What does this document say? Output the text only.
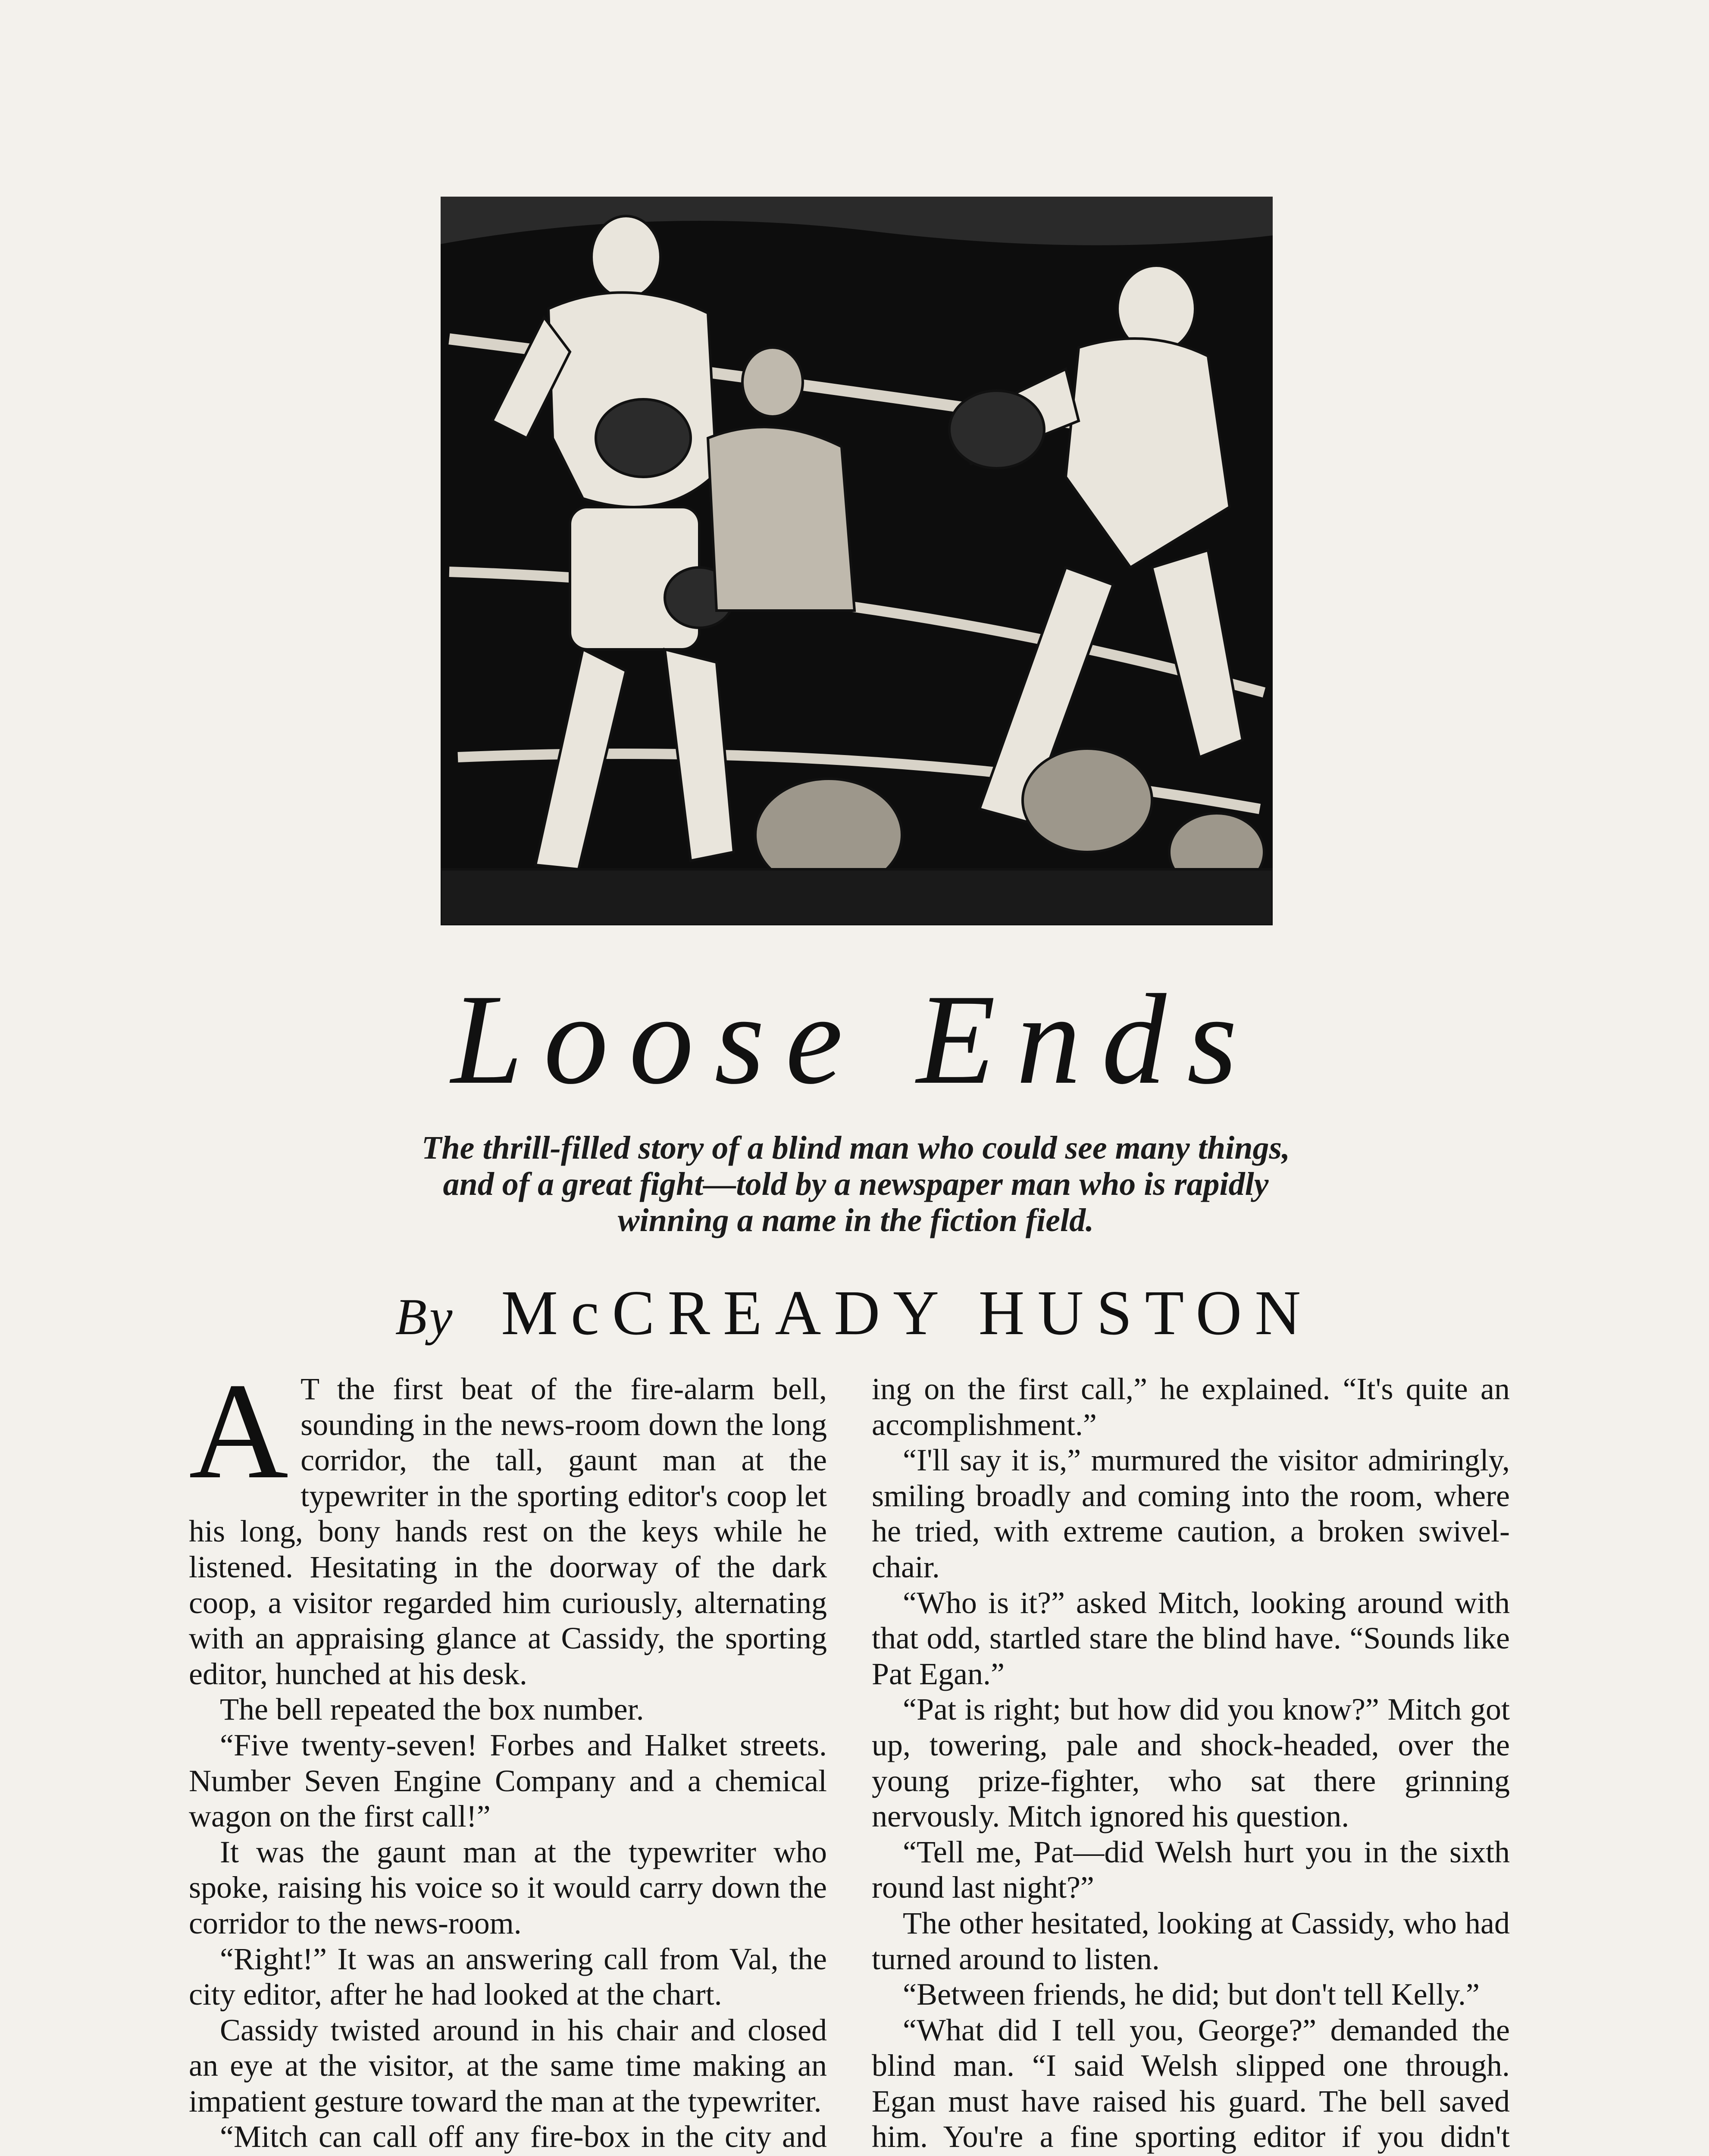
Loose Ends

The thrill-filled story of a blind man who could see many things, and of a great fight—told by a newspaper man who is rapidly winning a name in the fiction field.

By McCREADY HUSTON
A T the first beat of the fire-alarm bell, sounding in the news-room down the long corridor, the tall, gaunt man at the typewriter in the sporting editor's coop let his long, bony hands rest on the keys while he listened. Hesitating in the doorway of the dark coop, a visitor regarded him curiously, alternating with an appraising glance at Cassidy, the sporting editor, hunched at his desk.

The bell repeated the box number.

“Five twenty-seven! Forbes and Halket streets. Number Seven Engine Company and a chemical wagon on the first call!”

It was the gaunt man at the typewriter who spoke, raising his voice so it would carry down the corridor to the news-room.

“Right!” It was an answering call from Val, the city editor, after he had looked at the chart.

Cassidy twisted around in his chair and closed an eye at the visitor, at the same time making an impatient gesture toward the man at the typewriter.

“Mitch can call off any fire-box in the city and

ing on the first call,” he explained. “It's quite an accomplishment.”

“I'll say it is,” murmured the visitor admiringly, smiling broadly and coming into the room, where he tried, with extreme caution, a broken swivel-chair.

“Who is it?” asked Mitch, looking around with that odd, startled stare the blind have. “Sounds like Pat Egan.”

“Pat is right; but how did you know?” Mitch got up, towering, pale and shock-headed, over the young prize-fighter, who sat there grinning nervously. Mitch ignored his question.

“Tell me, Pat—did Welsh hurt you in the sixth round last night?”

The other hesitated, looking at Cassidy, who had turned around to listen.

“Between friends, he did; but don't tell Kelly.”

“What did I tell you, George?” demanded the blind man. “I said Welsh slipped one through. Egan must have raised his guard. The bell saved him. You're a fine sporting editor if you didn't
